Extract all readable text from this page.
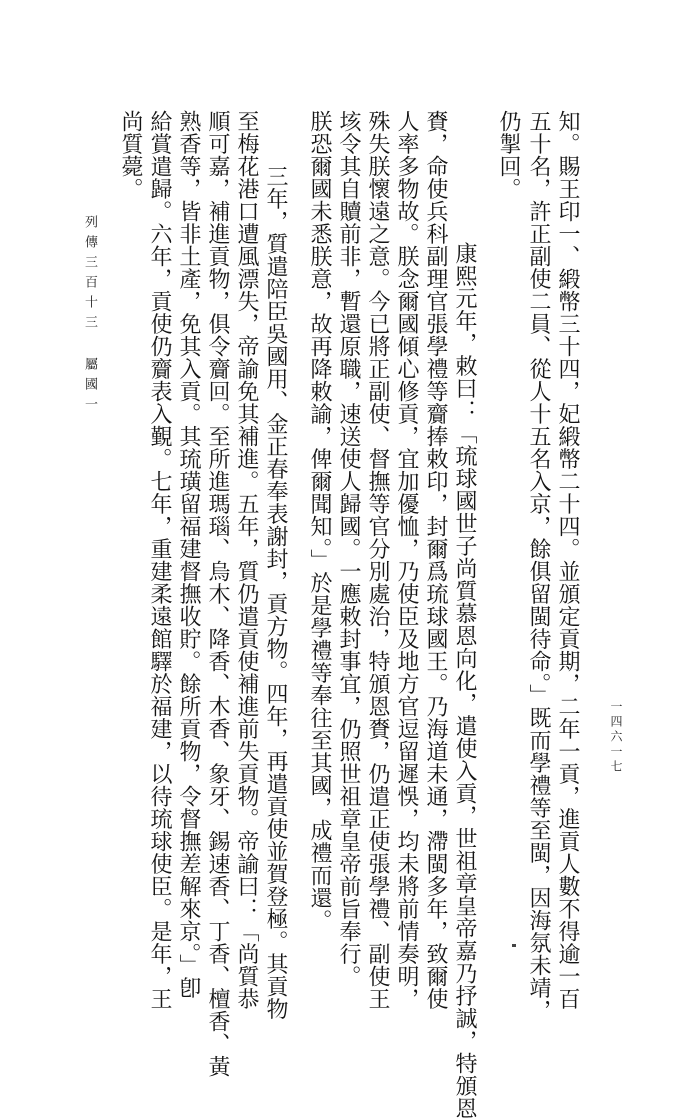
知。賜王印一、緞幣三十四，妃緞幣二十四。並頒定貢期，二年一貢，進貢人數不得逾一百
五十名，許正副使二員、從人十五名入京，餘俱留閩待命。」既而學禮等至閩，因海氛未靖，
仍掣回。
康熙元年，敕曰：「琉球國世子尚質慕恩向化，遣使入貢，世祖章皇帝嘉乃抒誠，特頒恩
賚，命使兵科副理官張學禮等齎捧敕印，封爾爲琉球國王。乃海道未通，滯閩多年，致爾使
人率多物故。朕念爾國傾心修貢，宜加優恤，乃使臣及地方官逗留遲悞，均未將前情奏明，
殊失朕懷遠之意。今已將正副使、督撫等官分別處治，特頒恩賚，仍遣正使張學禮、副使王
垓令其自贖前非，暫還原職，速送使人歸國。一應敕封事宜，仍照世祖章皇帝前旨奉行。
朕恐爾國未悉朕意，故再降敕諭，俾爾聞知。」於是學禮等奉往至其國，成禮而還。
三年，質遣陪臣吳國用、金正春奉表謝封，貢方物。四年，再遣貢使並賀登極。其貢物
至梅花港口遭風漂失，帝諭免其補進。五年，質仍遣貢使補進前失貢物。帝諭曰：「尚質恭
順可嘉，補進貢物，俱令齎回。至所進瑪瑙、烏木、降香、木香、象牙、錫速香、丁香、檀香、黃
熟香等，皆非土產，免其入貢。其琉璜留福建督撫收貯。餘所貢物，令督撫差解來京。」卽
給賞遣歸。六年，貢使仍齎表入覲。七年，重建柔遠館驛於福建，以待琉球使臣。是年，王
尚質薨。
列傳三百十三 屬國一
一四六一七
